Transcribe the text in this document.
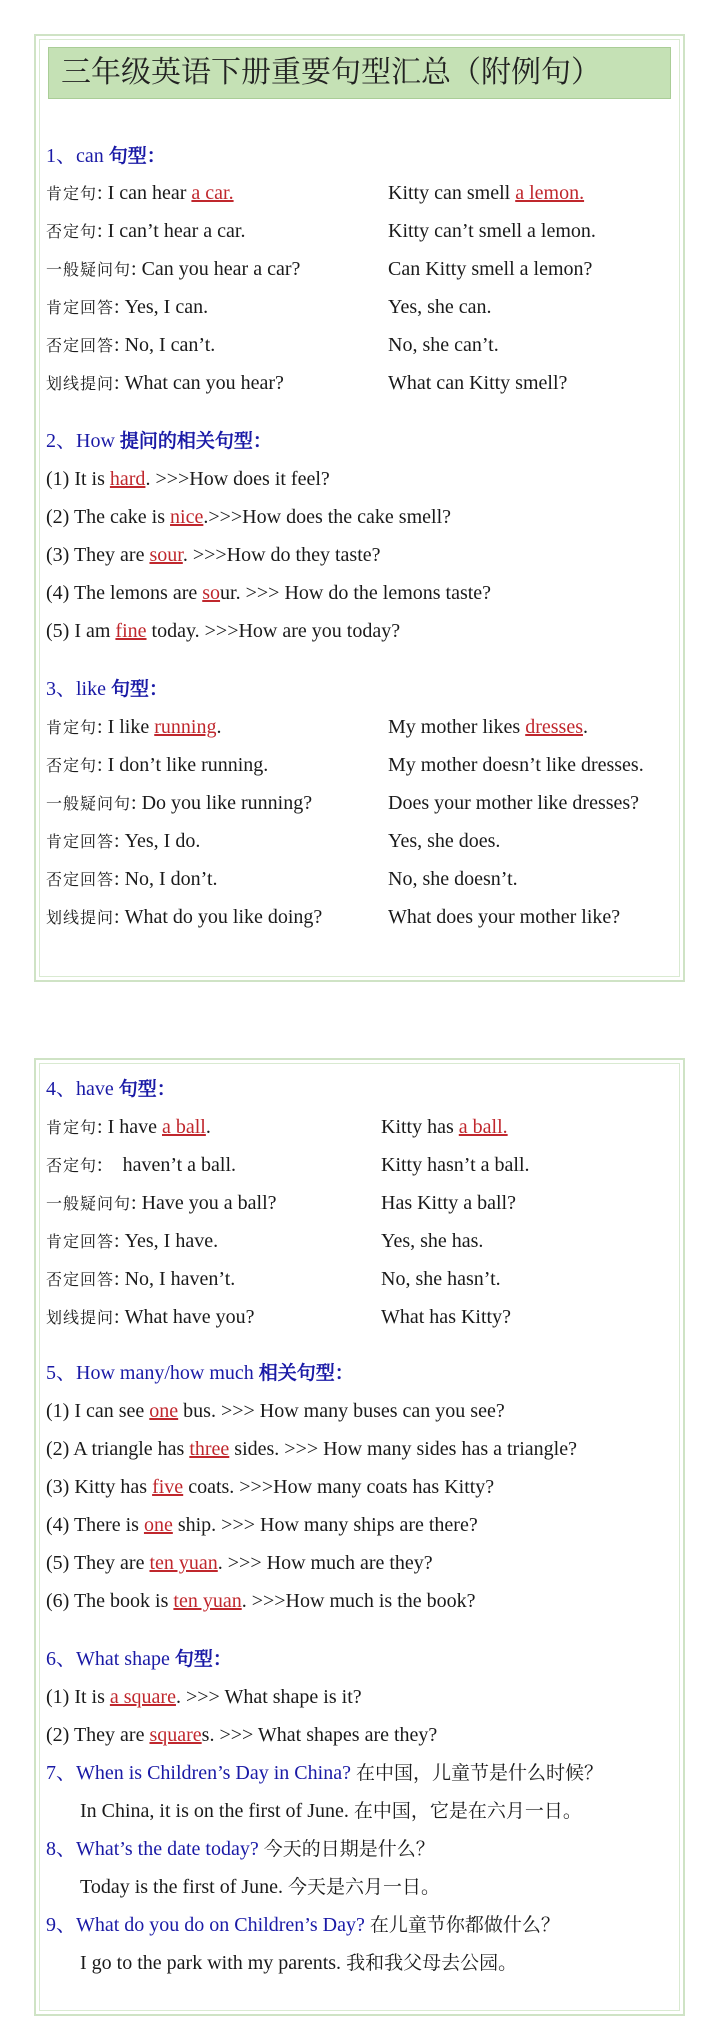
三年级英语下册重要句型汇总（附例句）
1、can 句型：
肯定句: I can hear a car.
否定句: I can’t hear a car.
一般疑问句: Can you hear a car?
肯定回答: Yes, I can.
否定回答: No, I can’t.
划线提问: What can you hear?
Kitty can smell a lemon.
Kitty can’t smell a lemon.
Can Kitty smell a lemon?
Yes, she can.
No, she can’t.
What can Kitty smell?
2、How 提问的相关句型：
(1) It is hard. >>>How does it feel?
(2) The cake is nice.>>>How does the cake smell?
(3) They are sour. >>>How do they taste?
(4) The lemons are sour. >>> How do the lemons taste?
(5) I am fine today. >>>How are you today?
3、like 句型：
肯定句: I like running.
否定句: I don’t like running.
一般疑问句: Do you like running?
肯定回答: Yes, I do.
否定回答: No, I don’t.
划线提问: What do you like doing?
My mother likes dresses.
My mother doesn’t like dresses.
Does your mother like dresses?
Yes, she does.
No, she doesn’t.
What does your mother like?
4、have 句型：
肯定句: I have a ball.
否定句:    haven’t a ball.
一般疑问句: Have you a ball?
肯定回答: Yes, I have.
否定回答: No, I haven’t.
划线提问: What have you?
Kitty has a ball.
Kitty hasn’t a ball.
Has Kitty a ball?
Yes, she has.
No, she hasn’t.
What has Kitty?
5、How many/how much 相关句型：
(1) I can see one bus. >>> How many buses can you see?
(2) A triangle has three sides. >>> How many sides has a triangle?
(3) Kitty has five coats. >>>How many coats has Kitty?
(4) There is one ship. >>> How many ships are there?
(5) They are ten yuan. >>> How much are they?
(6) The book is ten yuan. >>>How much is the book?
6、What shape 句型：
(1) It is a square. >>> What shape is it?
(2) They are squares. >>> What shapes are they?
7、When is Children’s Day in China? 在中国，儿童节是什么时候？
In China, it is on the first of June. 在中国，它是在六月一日。
8、What’s the date today? 今天的日期是什么？
Today is the first of June. 今天是六月一日。
9、What do you do on Children’s Day? 在儿童节你都做什么？
I go to the park with my parents. 我和我父母去公园。
